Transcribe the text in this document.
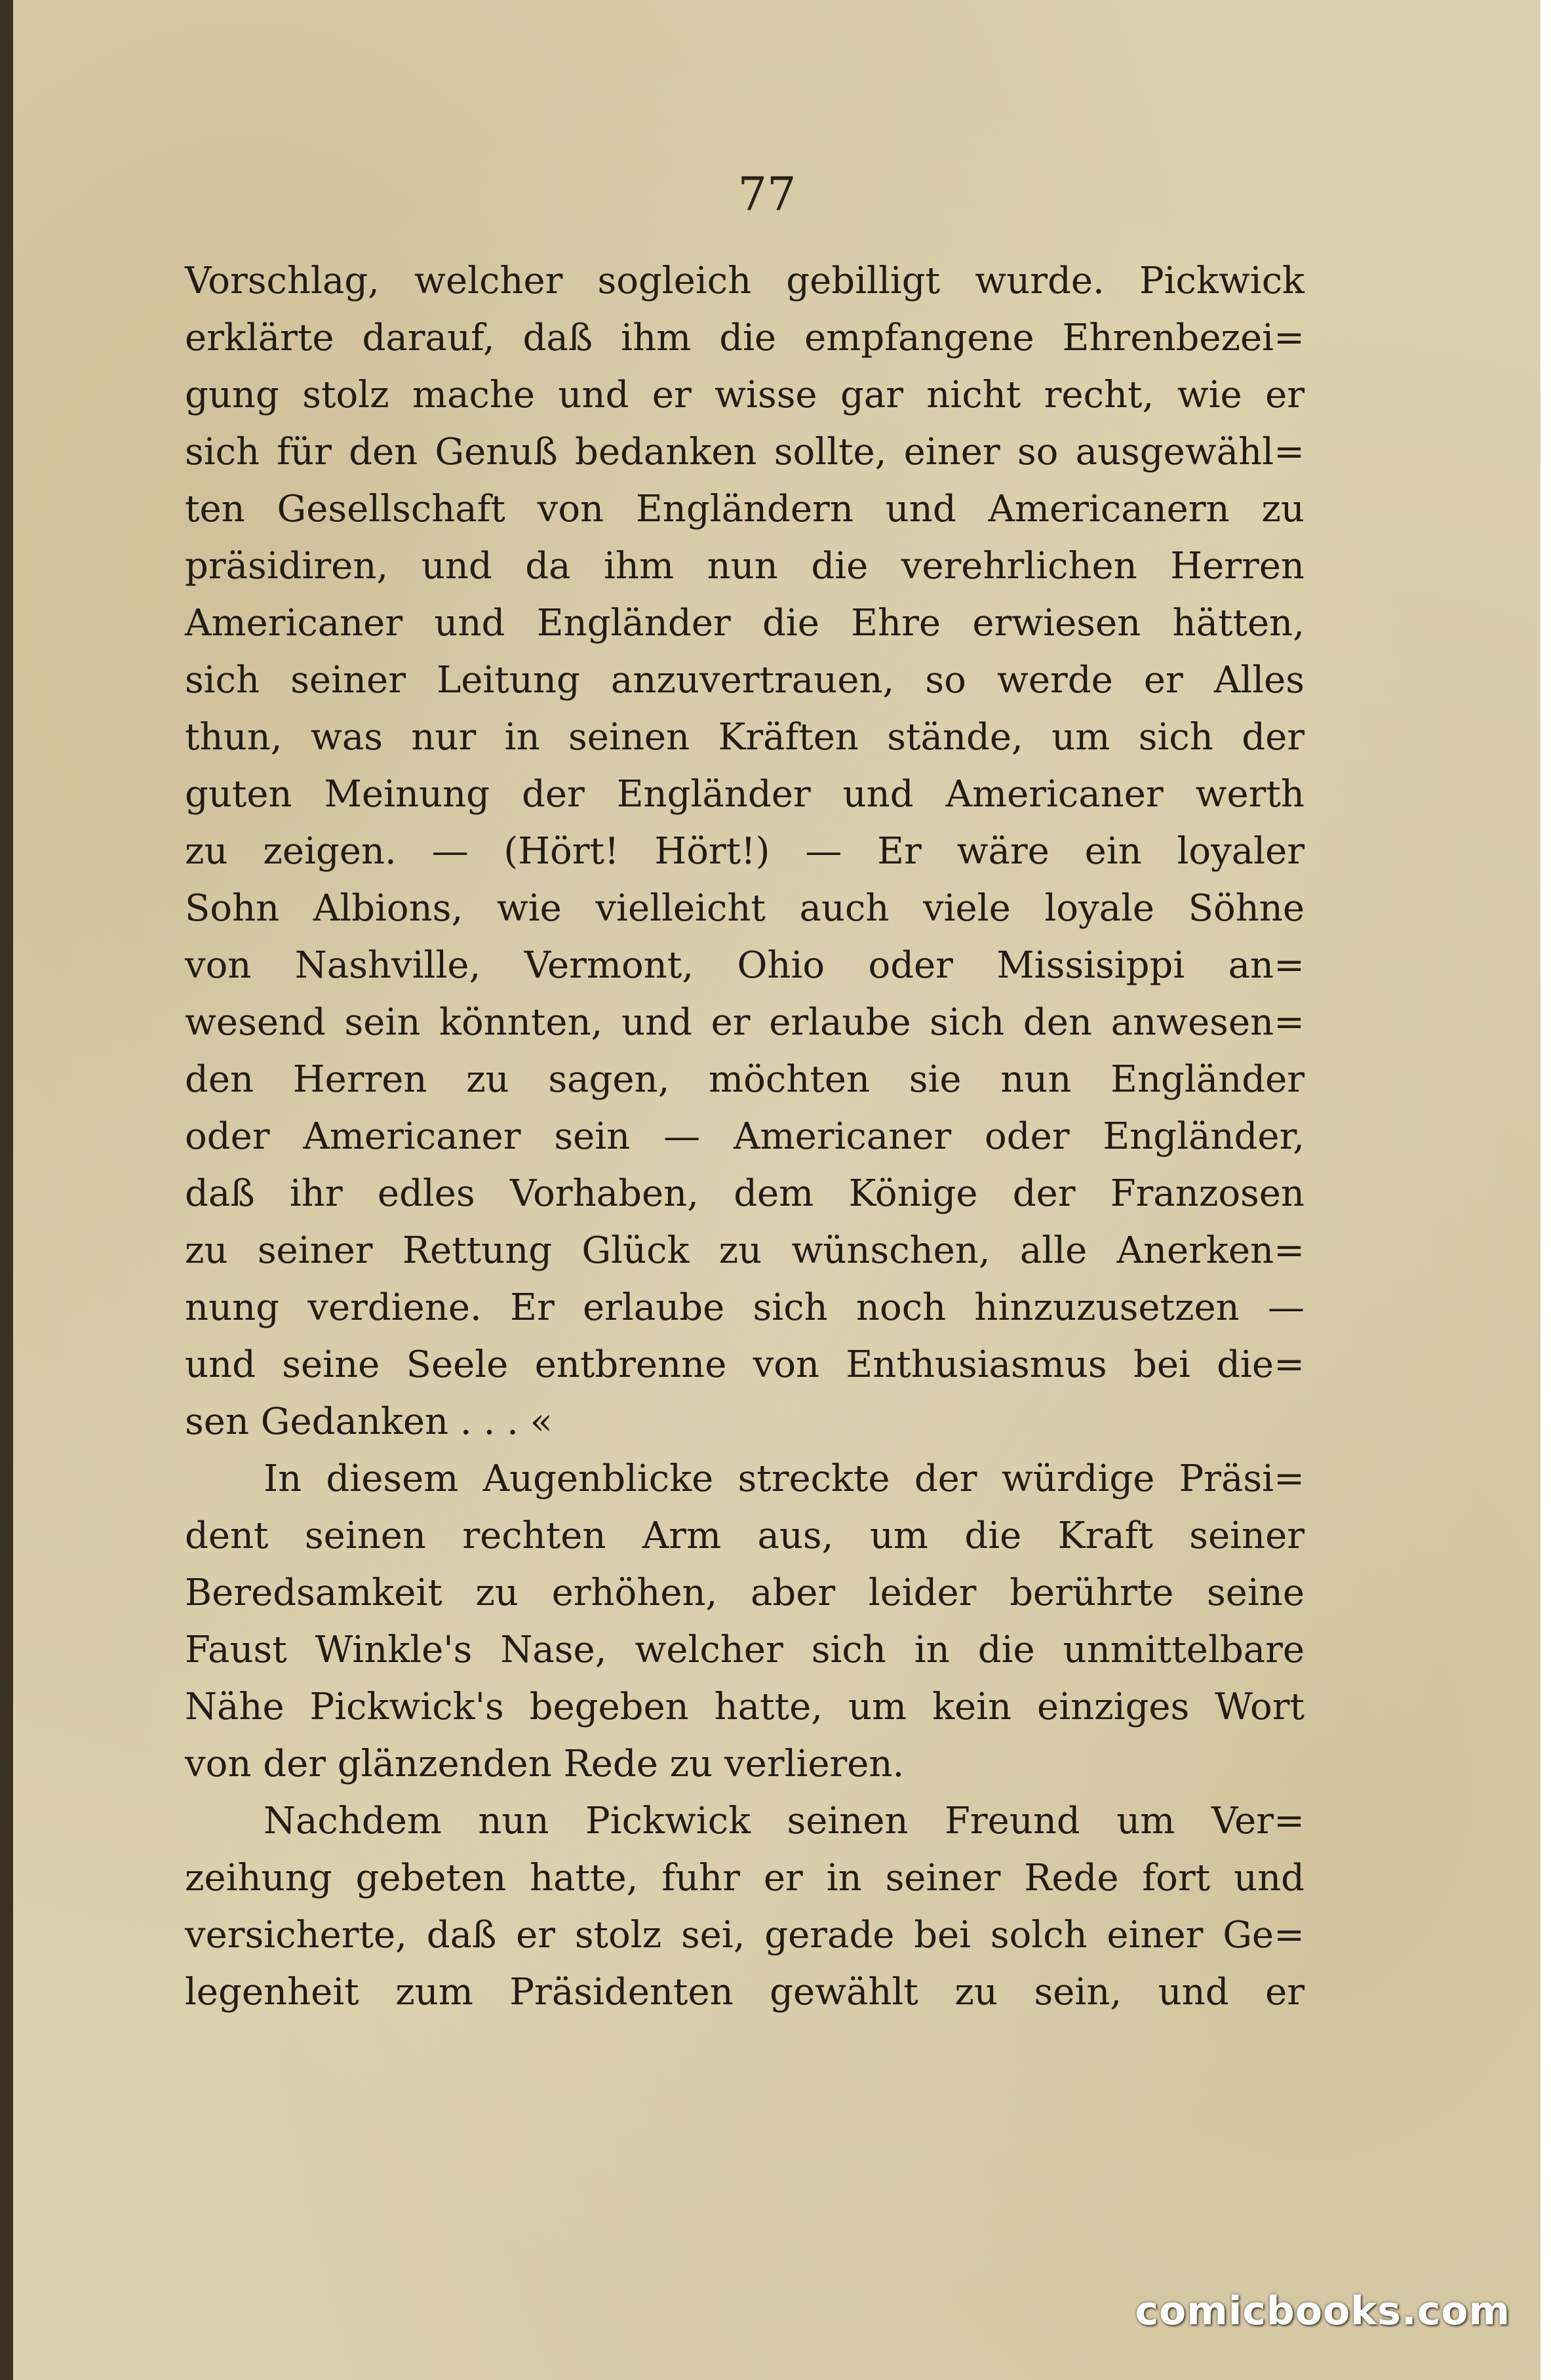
77

Vorschlag, welcher sogleich gebilligt wurde. Pickwick
erklärte darauf, daß ihm die empfangene Ehrenbezei=
gung stolz mache und er wisse gar nicht recht, wie er
sich für den Genuß bedanken sollte, einer so ausgewähl=
ten Gesellschaft von Engländern und Americanern zu
präsidiren, und da ihm nun die verehrlichen Herren
Americaner und Engländer die Ehre erwiesen hätten,
sich seiner Leitung anzuvertrauen, so werde er Alles
thun, was nur in seinen Kräften stände, um sich der
guten Meinung der Engländer und Americaner werth
zu zeigen. — (Hört! Hört!) — Er wäre ein loyaler
Sohn Albions, wie vielleicht auch viele loyale Söhne
von Nashville, Vermont, Ohio oder Missisippi an=
wesend sein könnten, und er erlaube sich den anwesen=
den Herren zu sagen, möchten sie nun Engländer
oder Americaner sein — Americaner oder Engländer,
daß ihr edles Vorhaben, dem Könige der Franzosen
zu seiner Rettung Glück zu wünschen, alle Anerken=
nung verdiene. Er erlaube sich noch hinzuzusetzen —
und seine Seele entbrenne von Enthusiasmus bei die=
sen Gedanken . . . «
In diesem Augenblicke streckte der würdige Präsi=
dent seinen rechten Arm aus, um die Kraft seiner
Beredsamkeit zu erhöhen, aber leider berührte seine
Faust Winkle's Nase, welcher sich in die unmittelbare
Nähe Pickwick's begeben hatte, um kein einziges Wort
von der glänzenden Rede zu verlieren.
Nachdem nun Pickwick seinen Freund um Ver=
zeihung gebeten hatte, fuhr er in seiner Rede fort und
versicherte, daß er stolz sei, gerade bei solch einer Ge=
legenheit zum Präsidenten gewählt zu sein, und er
comicbooks.com
